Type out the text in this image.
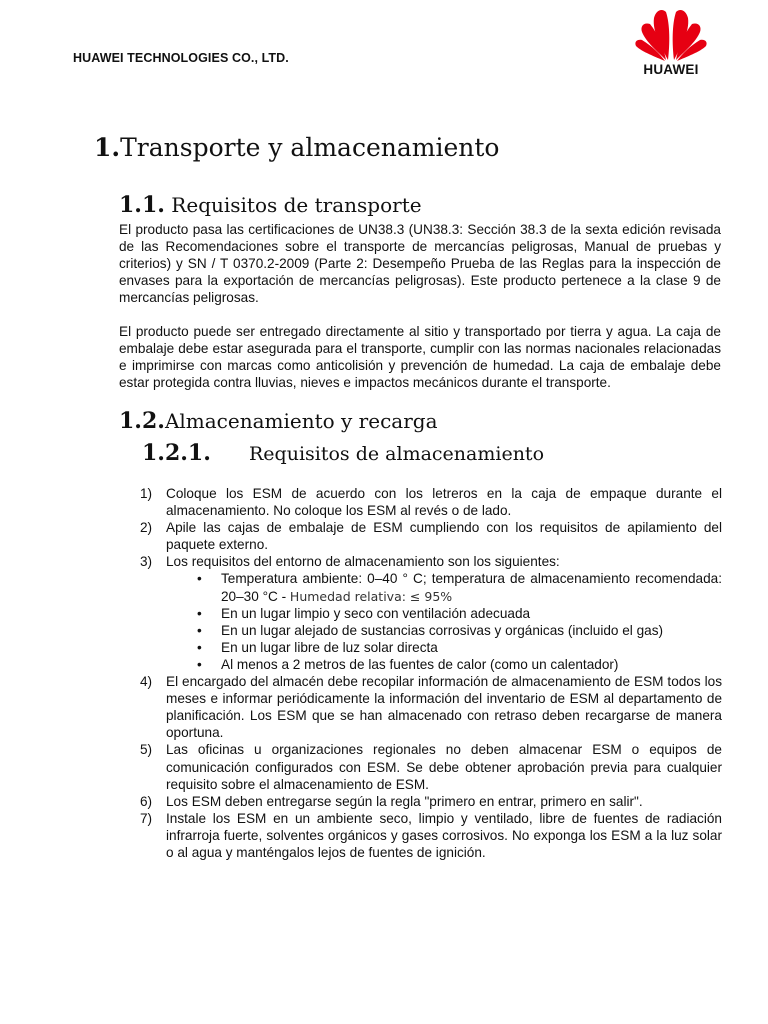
HUAWEI TECHNOLOGIES CO., LTD.
HUAWEI
1.Transporte y almacenamiento
1.1. Requisitos de transporte

El producto pasa las certificaciones de UN38.3 (UN38.3: Sección 38.3 de la sexta edición revisada de las Recomendaciones sobre el transporte de mercancías peligrosas, Manual de pruebas y criterios) y SN / T 0370.2-2009 (Parte 2: Desempeño Prueba de las Reglas para la inspección de envases para la exportación de mercancías peligrosas). Este producto pertenece a la clase 9 de mercancías peligrosas.

El producto puede ser entregado directamente al sitio y transportado por tierra y agua. La caja de embalaje debe estar asegurada para el transporte, cumplir con las normas nacionales relacionadas e imprimirse con marcas como anticolisión y prevención de humedad. La caja de embalaje debe estar protegida contra lluvias, nieves e impactos mecánicos durante el transporte.

1.2.Almacenamiento y recarga
1.2.1. Requisitos de almacenamiento
1) Coloque los ESM de acuerdo con los letreros en la caja de empaque durante el almacenamiento. No coloque los ESM al revés o de lado.
2) Apile las cajas de embalaje de ESM cumpliendo con los requisitos de apilamiento del paquete externo.
3) Los requisitos del entorno de almacenamiento son los siguientes:
• Temperatura ambiente: 0–40 ° C; temperatura de almacenamiento recomendada: 20–30 °C - Humedad relativa: ≤ 95%
• En un lugar limpio y seco con ventilación adecuada
• En un lugar alejado de sustancias corrosivas y orgánicas (incluido el gas)
• En un lugar libre de luz solar directa
• Al menos a 2 metros de las fuentes de calor (como un calentador)
4) El encargado del almacén debe recopilar información de almacenamiento de ESM todos los meses e informar periódicamente la información del inventario de ESM al departamento de planificación. Los ESM que se han almacenado con retraso deben recargarse de manera oportuna.
5) Las oficinas u organizaciones regionales no deben almacenar ESM o equipos de comunicación configurados con ESM. Se debe obtener aprobación previa para cualquier requisito sobre el almacenamiento de ESM.
6) Los ESM deben entregarse según la regla "primero en entrar, primero en salir".
7) Instale los ESM en un ambiente seco, limpio y ventilado, libre de fuentes de radiación infrarroja fuerte, solventes orgánicos y gases corrosivos. No exponga los ESM a la luz solar o al agua y manténgalos lejos de fuentes de ignición.
